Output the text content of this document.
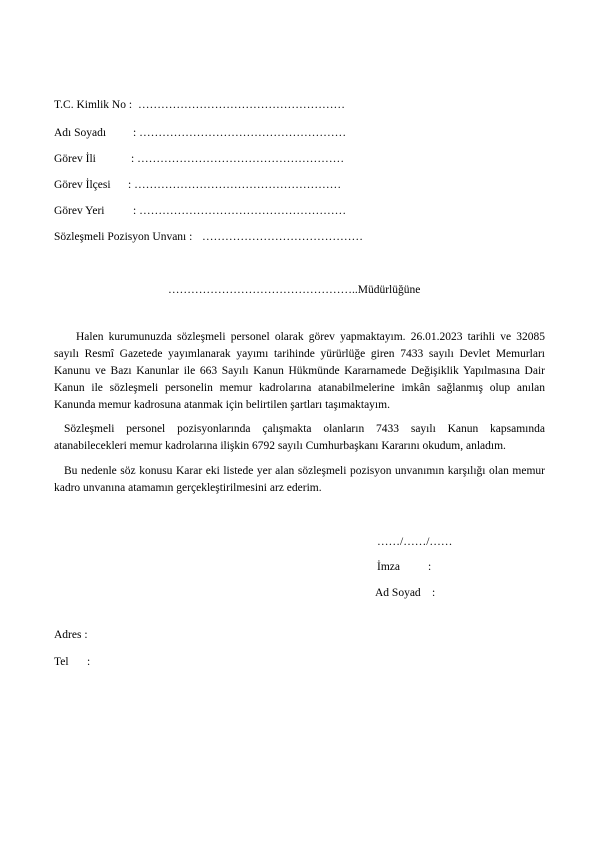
T.C. Kimlik No : ………………………………………………
Adı Soyadı : ………………………………………………
Görev İli	: ………………………………………………
Görev İlçesi : ………………………………………………
Görev Yeri : ………………………………………………
Sözleşmeli Pozisyon Unvanı : ……………………………………
…………………………………………..Müdürlüğüne
Halen kurumunuzda sözleşmeli personel olarak görev yapmaktayım. 26.01.2023 tarihli ve 32085 sayılı Resmî Gazetede yayımlanarak yayımı tarihinde yürürlüğe giren 7433 sayılı Devlet Memurları Kanunu ve Bazı Kanunlar ile 663 Sayılı Kanun Hükmünde Kararnamede Değişiklik Yapılmasına Dair Kanun ile sözleşmeli personelin memur kadrolarına atanabilmelerine imkân sağlanmış olup anılan Kanunda memur kadrosuna atanmak için belirtilen şartları taşımaktayım.
Sözleşmeli personel pozisyonlarında çalışmakta olanların 7433 sayılı Kanun kapsamında atanabilecekleri memur kadrolarına ilişkin 6792 sayılı Cumhurbaşkanı Kararını okudum, anladım.
Bu nedenle söz konusu Karar eki listede yer alan sözleşmeli pozisyon unvanımın karşılığı olan memur kadro unvanına atamamın gerçekleştirilmesini arz ederim.
……/……/……
İmza :
Ad Soyad :
Adres :
Tel :
